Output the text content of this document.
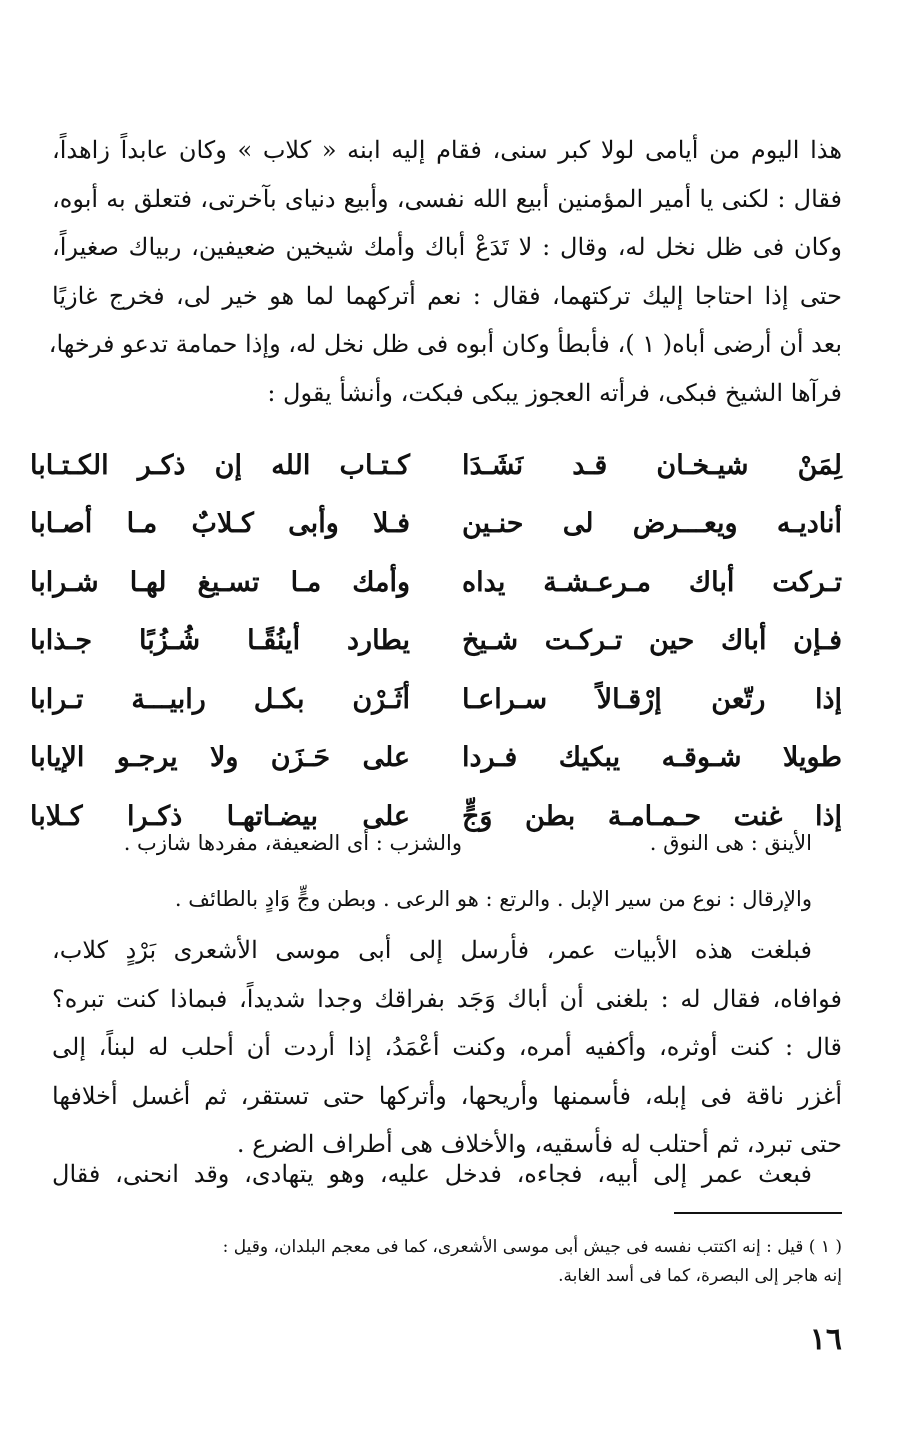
هذا اليوم من أيامى لولا كبر سنى، فقام إليه ابنه « كلاب » وكان عابداً زاهداً،
فقال : لكنى يا أمير المؤمنين أبيع الله نفسى، وأبيع دنياى بآخرتى، فتعلق به أبوه،
وكان فى ظل نخل له، وقال : لا تَدَعْ أباك وأمك شيخين ضعيفين، ربياك صغيراً،
حتى إذا احتاجا إليك تركتهما، فقال : نعم أتركهما لما هو خير لى، فخرج غازيًا
بعد أن أرضى أباه( ١ )، فأبطأ وكان أبوه فى ظل نخل له، وإذا حمامة تدعو فرخها،
فرآها الشيخ فبكى، فرأته العجوز يبكى فبكت، وأنشأ يقول :
لِمَنْ شيـخـان قـد نَشَـدَا
كـتـاب الله إن ذكـر الكـتـابا
أناديـه ويعـــرض لى حنـين
فـلا وأبى كـلابٌ مـا أصـابا
تـركت أباك مـرعـشـة يداه
وأمك مـا تسـيغ لهـا شـرابا
فـإن أباك حين تـركـت شـيخ
يطارد أينُقًـا شُـزُبًا جـذابا
إذا رتّعن إرْقـالاً سـراعـا
أثَـرْن بكـل رابيـــة تـرابا
طويلا شـوقـه يبكيك فـردا
على حَـزَن ولا يرجـو الإيابا
إذا غنت حـمـامـة بطن وَجٍّ
على بيضـاتهـا ذكـرا كـلابا
الأينق : هى النوق .
والشزب : أى الضعيفة، مفردها شازب .
والإرقال : نوع من سير الإبل . والرتع : هو الرعى . وبطن وجٍّ وَادٍ بالطائف .
فبلغت هذه الأبيات عمر، فأرسل إلى أبى موسى الأشعرى بَرْدٍ كلاب،
فوافاه، فقال له : بلغنى أن أباك وَجَد بفراقك وجدا شديداً، فبماذا كنت تبره؟
قال : كنت أوثره، وأكفيه أمره، وكنت أعْمَدُ، إذا أردت أن أحلب له لبناً، إلى
أغزر ناقة فى إبله، فأسمنها وأريحها، وأتركها حتى تستقر، ثم أغسل أخلافها
حتى تبرد، ثم أحتلب له فأسقيه، والأخلاف هى أطراف الضرع .
فبعث عمر إلى أبيه، فجاءه، فدخل عليه، وهو يتهادى، وقد انحنى، فقال
( ١ ) قيل : إنه اكتتب نفسه فى جيش أبى موسى الأشعرى، كما فى معجم البلدان، وقيل :
إنه هاجر إلى البصرة، كما فى أسد الغابة.
١٦
